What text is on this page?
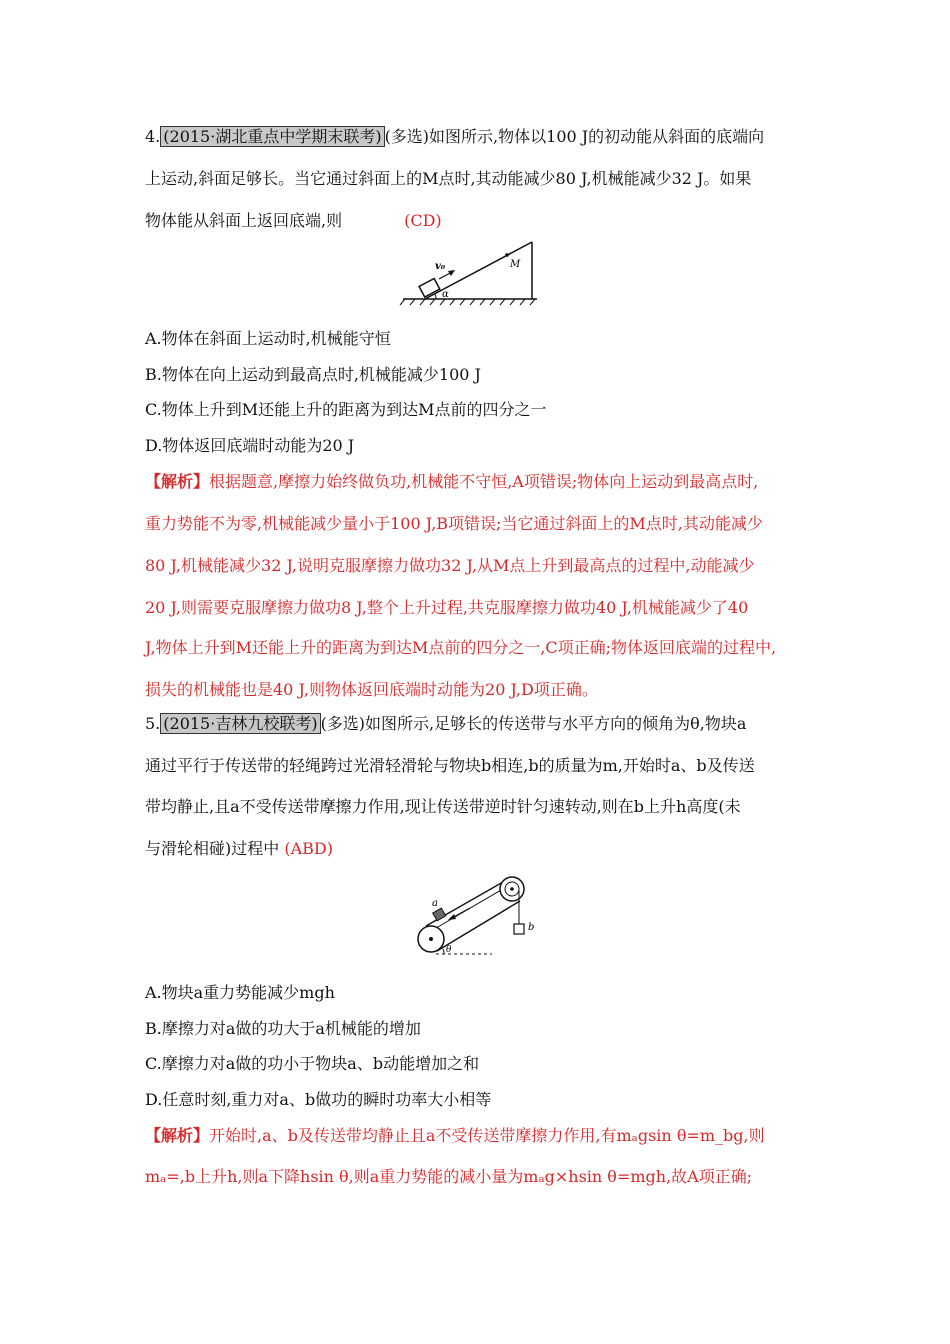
4. (2015·湖北重点中学期末联考) (多选)如图所示,物体以100 J的初动能从斜面的底端向
上运动,斜面足够长。当它通过斜面上的M点时,其动能减少80 J,机械能减少32 J。如果
物体能从斜面上返回底端,则	(CD)
v₀	M
α
A.物体在斜面上运动时,机械能守恒
B.物体在向上运动到最高点时,机械能减少100 J
C.物体上升到M还能上升的距离为到达M点前的四分之一
D.物体返回底端时动能为20 J
【解析】根据题意,摩擦力始终做负功,机械能不守恒,A项错误;物体向上运动到最高点时,
重力势能不为零,机械能减少量小于100 J,B项错误;当它通过斜面上的M点时,其动能减少
80 J,机械能减少32 J,说明克服摩擦力做功32 J,从M点上升到最高点的过程中,动能减少
20 J,则需要克服摩擦力做功8 J,整个上升过程,共克服摩擦力做功40 J,机械能减少了40
J,物体上升到M还能上升的距离为到达M点前的四分之一,C项正确;物体返回底端的过程中,
损失的机械能也是40 J,则物体返回底端时动能为20 J,D项正确。
5. (2015·吉林九校联考) (多选)如图所示,足够长的传送带与水平方向的倾角为θ,物块a
通过平行于传送带的轻绳跨过光滑轻滑轮与物块b相连,b的质量为m,开始时a、b及传送
带均静止,且a不受传送带摩擦力作用,现让传送带逆时针匀速转动,则在b上升h高度(未
与滑轮相碰)过程中 (ABD)
b
a
θ
A.物块a重力势能减少mgh
B.摩擦力对a做的功大于a机械能的增加
C.摩擦力对a做的功小于物块a、b动能增加之和
D.任意时刻,重力对a、b做功的瞬时功率大小相等
【解析】开始时,a、b及传送带均静止且a不受传送带摩擦力作用,有mₐgsin θ=m_bg,则
mₐ=,b上升h,则a下降hsin θ,则a重力势能的减小量为mₐg×hsin θ=mgh,故A项正确;
